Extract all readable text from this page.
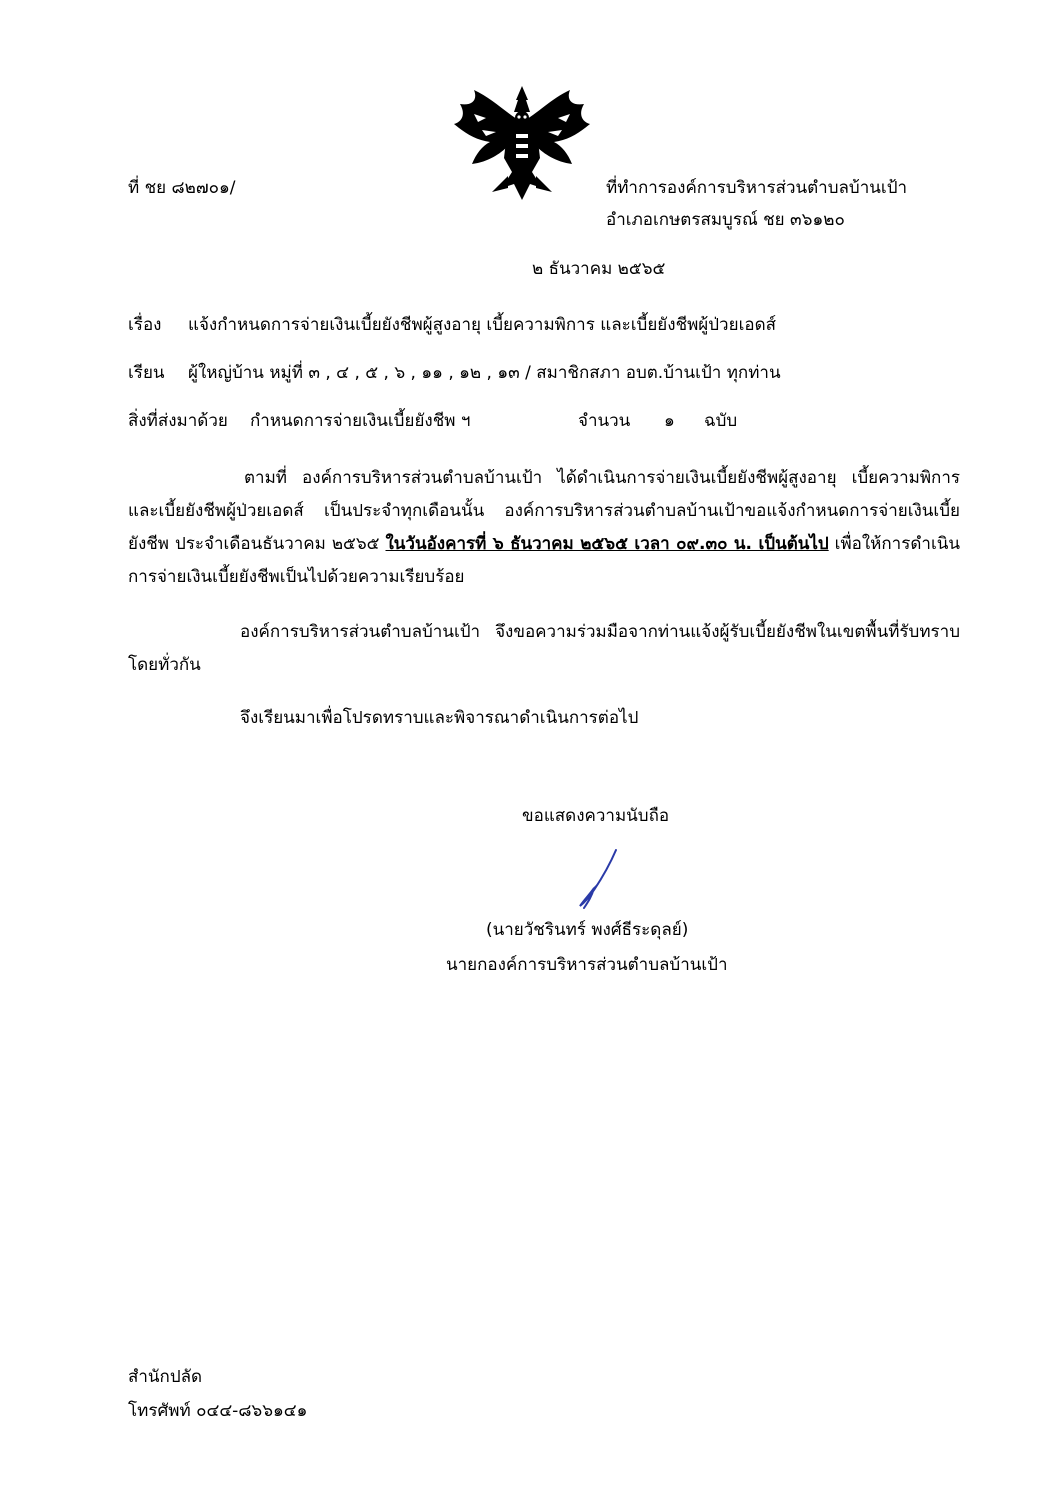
ที่ ชย ๘๒๗๐๑/	ที่ทำการองค์การบริหารส่วนตำบลบ้านเป้า
อำเภอเกษตรสมบูรณ์ ชย ๓๖๑๒๐
๒ ธันวาคม ๒๕๖๕
เรื่อง แจ้งกำหนดการจ่ายเงินเบี้ยยังชีพผู้สูงอายุ เบี้ยความพิการ และเบี้ยยังชีพผู้ป่วยเอดส์
เรียน ผู้ใหญ่บ้าน หมู่ที่ ๓ , ๔ , ๕ , ๖ , ๑๑ , ๑๒ , ๑๓ / สมาชิกสภา อบต.บ้านเป้า ทุกท่าน
สิ่งที่ส่งมาด้วย กำหนดการจ่ายเงินเบี้ยยังชีพ ฯ	จำนวน ๑ ฉบับ
ตามที่ องค์การบริหารส่วนตำบลบ้านเป้า ได้ดำเนินการจ่ายเงินเบี้ยยังชีพผู้สูงอายุ เบี้ยความพิการ และเบี้ยยังชีพผู้ป่วยเอดส์ เป็นประจำทุกเดือนนั้น องค์การบริหารส่วนตำบลบ้านเป้าขอแจ้งกำหนดการจ่ายเงินเบี้ยยังชีพ ประจำเดือนธันวาคม ๒๕๖๕ ในวันอังคารที่ ๖ ธันวาคม ๒๕๖๕ เวลา ๐๙.๓๐ น. เป็นต้นไป เพื่อให้การดำเนินการจ่ายเงินเบี้ยยังชีพเป็นไปด้วยความเรียบร้อย
องค์การบริหารส่วนตำบลบ้านเป้า จึงขอความร่วมมือจากท่านแจ้งผู้รับเบี้ยยังชีพในเขตพื้นที่รับทราบโดยทั่วกัน
จึงเรียนมาเพื่อโปรดทราบและพิจารณาดำเนินการต่อไป
ขอแสดงความนับถือ
(นายวัชรินทร์ พงศ์ธีระดุลย์)
นายกองค์การบริหารส่วนตำบลบ้านเป้า
สำนักปลัด
โทรศัพท์ ๐๔๔-๘๖๖๑๔๑
